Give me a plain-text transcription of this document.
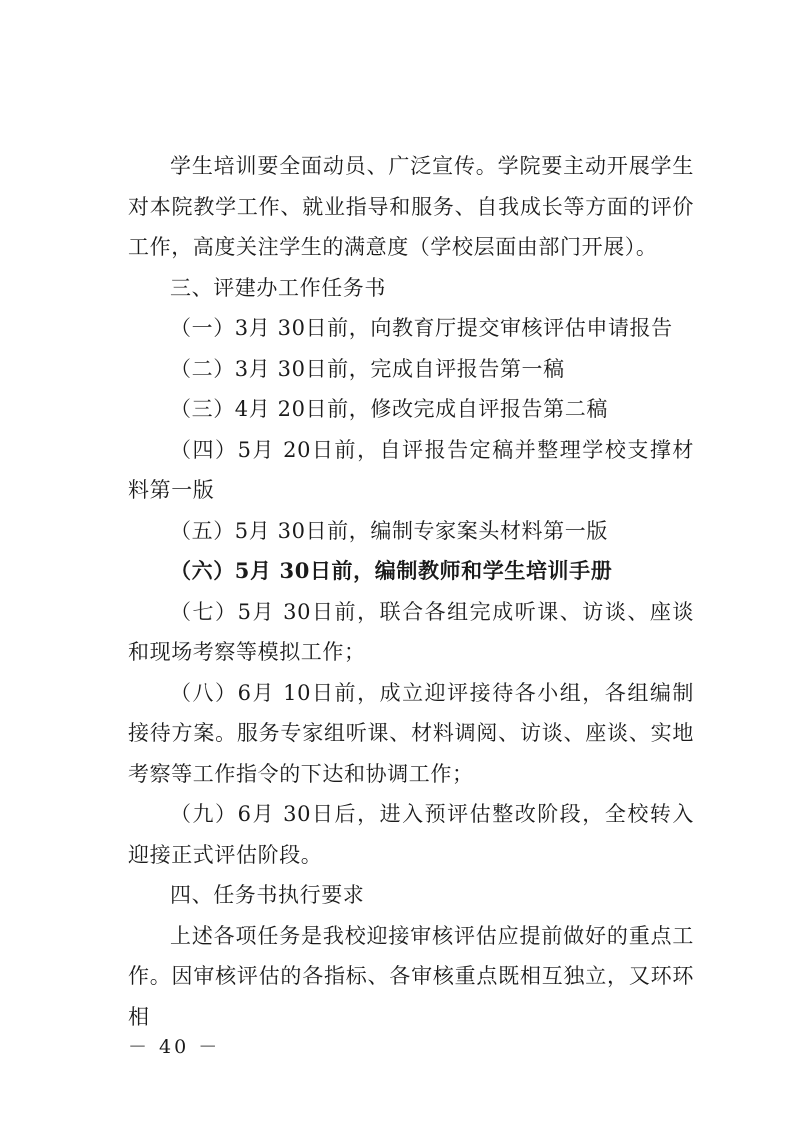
学生培训要全面动员、广泛宣传。学院要主动开展学生对本院教学工作、就业指导和服务、自我成长等方面的评价工作，高度关注学生的满意度（学校层面由部门开展）。

三、评建办工作任务书

（一）3月 30日前，向教育厅提交审核评估申请报告

（二）3月 30日前，完成自评报告第一稿

（三）4月 20日前，修改完成自评报告第二稿

（四）5月 20日前，自评报告定稿并整理学校支撑材料第一版

（五）5月 30日前，编制专家案头材料第一版

（六）5月 30日前，编制教师和学生培训手册

（七）5月 30日前，联合各组完成听课、访谈、座谈和现场考察等模拟工作；

（八）6月 10日前，成立迎评接待各小组，各组编制接待方案。服务专家组听课、材料调阅、访谈、座谈、实地考察等工作指令的下达和协调工作；

（九）6月 30日后，进入预评估整改阶段，全校转入迎接正式评估阶段。

四、任务书执行要求

上述各项任务是我校迎接审核评估应提前做好的重点工作。因审核评估的各指标、各审核重点既相互独立，又环环相

－ 40 －
